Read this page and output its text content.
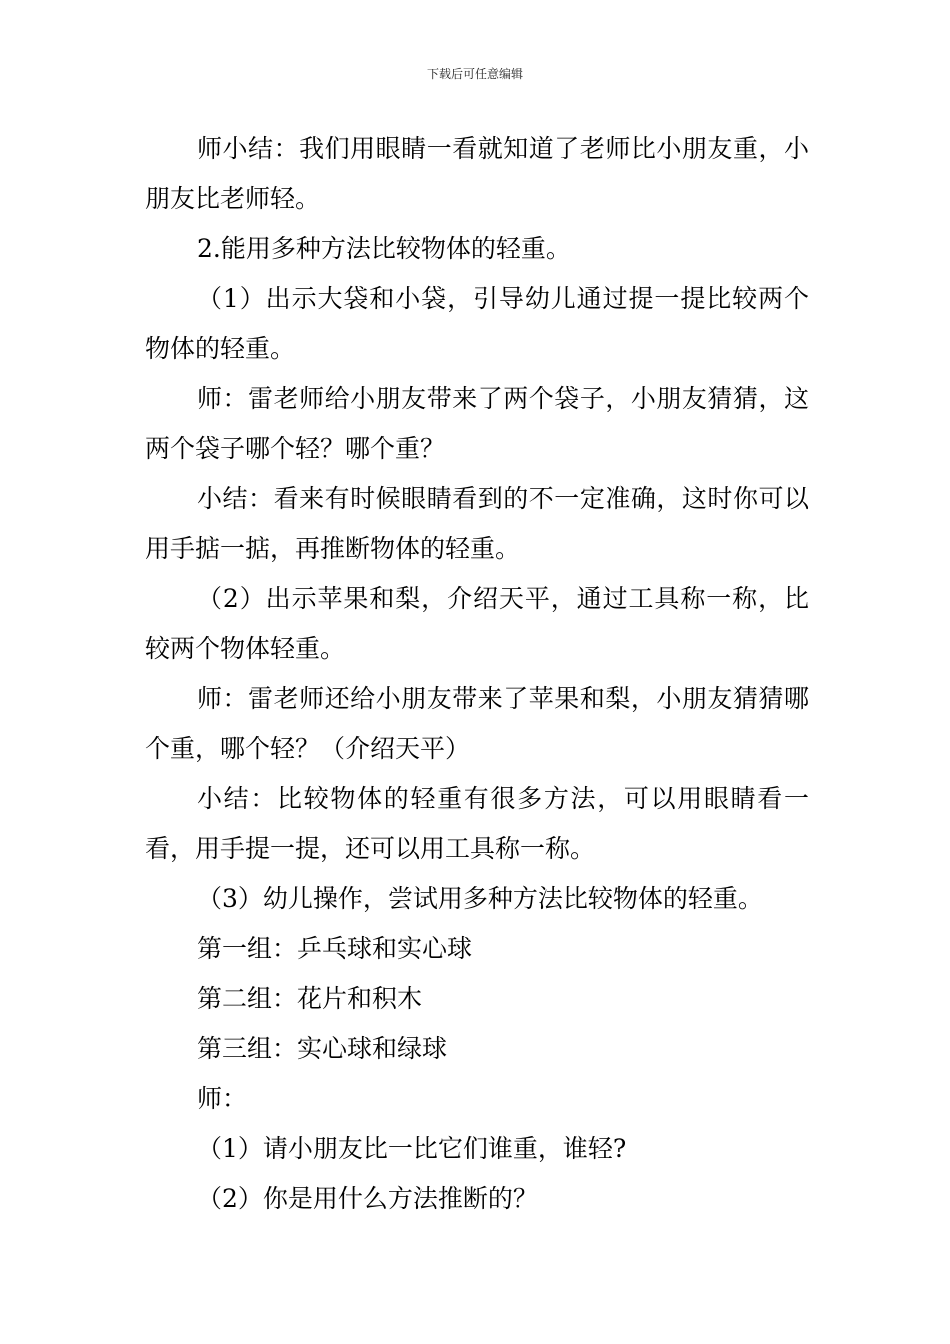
下载后可任意编辑

师小结：我们用眼睛一看就知道了老师比小朋友重，小朋友比老师轻。

2.能用多种方法比较物体的轻重。

（1）出示大袋和小袋，引导幼儿通过提一提比较两个物体的轻重。

师：雷老师给小朋友带来了两个袋子，小朋友猜猜，这两个袋子哪个轻？哪个重？

小结：看来有时候眼睛看到的不一定准确，这时你可以用手掂一掂，再推断物体的轻重。

（2）出示苹果和梨，介绍天平，通过工具称一称，比较两个物体轻重。

师：雷老师还给小朋友带来了苹果和梨，小朋友猜猜哪个重，哪个轻？（介绍天平）

小结：比较物体的轻重有很多方法，可以用眼睛看一看，用手提一提，还可以用工具称一称。

（3）幼儿操作，尝试用多种方法比较物体的轻重。

第一组：乒乓球和实心球

第二组：花片和积木

第三组：实心球和绿球

师：

（1）请小朋友比一比它们谁重，谁轻?

（2）你是用什么方法推断的？
